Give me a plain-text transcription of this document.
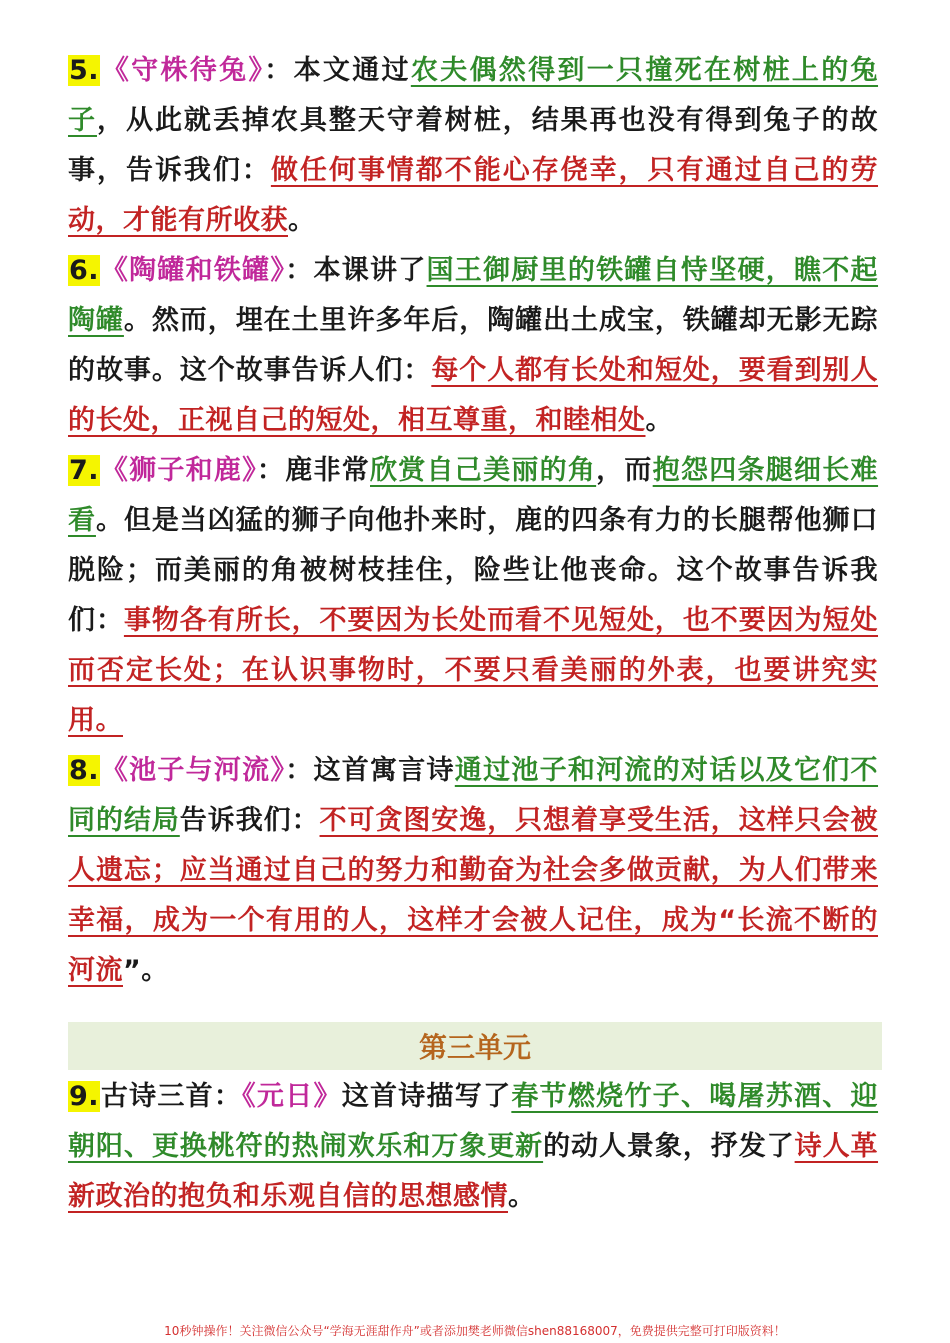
5.《守株待兔》：本文通过农夫偶然得到一只撞死在树桩上的兔子，从此就丢掉农具整天守着树桩，结果再也没有得到兔子的故事，告诉我们：做任何事情都不能心存侥幸，只有通过自己的劳动，才能有所收获。

6.《陶罐和铁罐》：本课讲了国王御厨里的铁罐自恃坚硬，瞧不起陶罐。然而，埋在土里许多年后，陶罐出土成宝，铁罐却无影无踪的故事。这个故事告诉人们：每个人都有长处和短处，要看到别人的长处，正视自己的短处，相互尊重，和睦相处。

7.《狮子和鹿》：鹿非常欣赏自己美丽的角，而抱怨四条腿细长难看。但是当凶猛的狮子向他扑来时，鹿的四条有力的长腿帮他狮口脱险；而美丽的角被树枝挂住，险些让他丧命。这个故事告诉我们：事物各有所长，不要因为长处而看不见短处，也不要因为短处而否定长处；在认识事物时，不要只看美丽的外表，也要讲究实用。

8.《池子与河流》：这首寓言诗通过池子和河流的对话以及它们不同的结局告诉我们：不可贪图安逸，只想着享受生活，这样只会被人遗忘；应当通过自己的努力和勤奋为社会多做贡献，为人们带来幸福，成为一个有用的人，这样才会被人记住，成为“长流不断的河流”。

第三单元

9.古诗三首：《元日》这首诗描写了春节燃烧竹子、喝屠苏酒、迎朝阳、更换桃符的热闹欢乐和万象更新的动人景象，抒发了诗人革新政治的抱负和乐观自信的思想感情。

10秒钟操作！关注微信公众号“学海无涯甜作舟”或者添加樊老师微信shen88168007，免费提供完整可打印版资料！
